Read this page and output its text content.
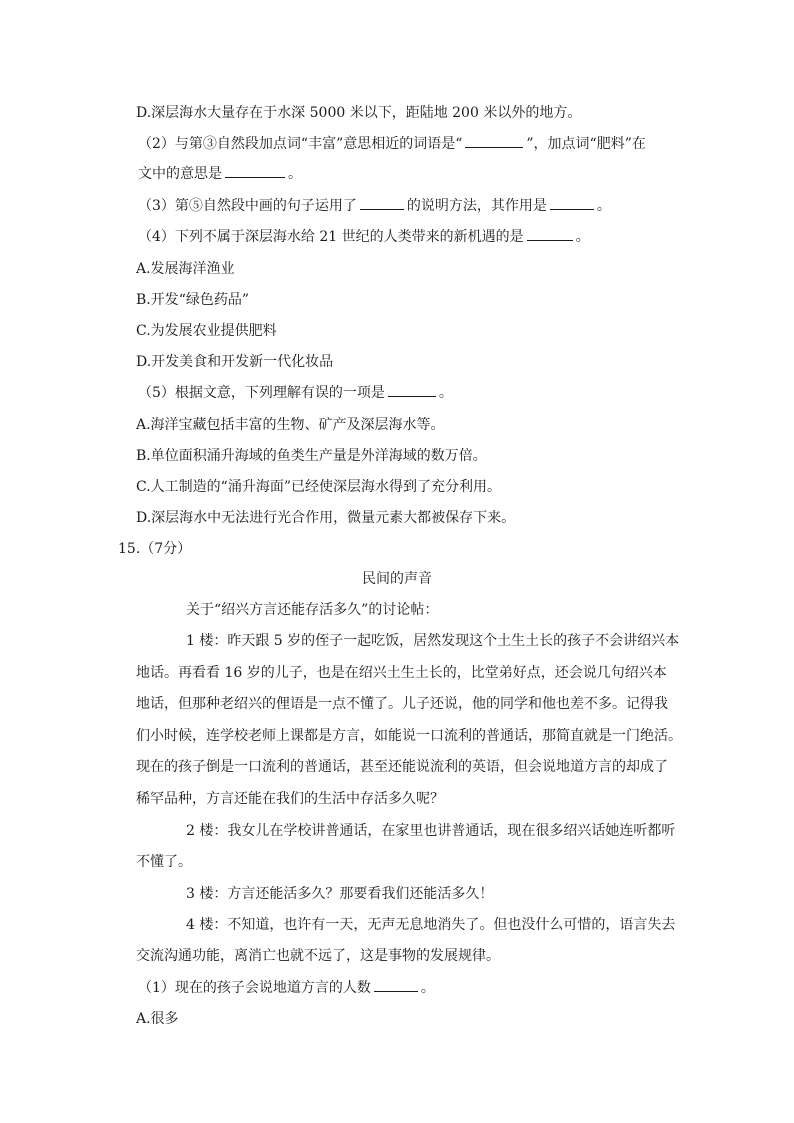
D.深层海水大量存在于水深 5000 米以下，距陆地 200 米以外的地方。
（2）与第③自然段加点词“丰富”意思相近的词语是“	”，加点词“肥料”在
文中的意思是	。
（3）第⑤自然段中画的句子运用了	的说明方法，其作用是	。
（4）下列不属于深层海水给 21 世纪的人类带来的新机遇的是	。
A.发展海洋渔业
B.开发“绿色药品”
C.为发展农业提供肥料
D.开发美食和开发新一代化妆品
（5）根据文意，下列理解有误的一项是	。
A.海洋宝藏包括丰富的生物、矿产及深层海水等。
B.单位面积涌升海域的鱼类生产量是外洋海域的数万倍。
C.人工制造的“涌升海面”已经使深层海水得到了充分利用。
D.深层海水中无法进行光合作用，微量元素大都被保存下来。
15.（7分）
民间的声音
关于“绍兴方言还能存活多久”的讨论帖：
1 楼：昨天跟 5 岁的侄子一起吃饭，居然发现这个土生土长的孩子不会讲绍兴本
地话。再看看 16 岁的儿子，也是在绍兴土生土长的，比堂弟好点，还会说几句绍兴本
地话，但那种老绍兴的俚语是一点不懂了。儿子还说，他的同学和他也差不多。记得我
们小时候，连学校老师上课都是方言，如能说一口流利的普通话，那简直就是一门绝活。
现在的孩子倒是一口流利的普通话，甚至还能说流利的英语，但会说地道方言的却成了
稀罕品种，方言还能在我们的生活中存活多久呢？
2 楼：我女儿在学校讲普通话，在家里也讲普通话，现在很多绍兴话她连听都听
不懂了。
3 楼：方言还能活多久？那要看我们还能活多久！
4 楼：不知道，也许有一天，无声无息地消失了。但也没什么可惜的，语言失去
交流沟通功能，离消亡也就不远了，这是事物的发展规律。
（1）现在的孩子会说地道方言的人数	。
A.很多
